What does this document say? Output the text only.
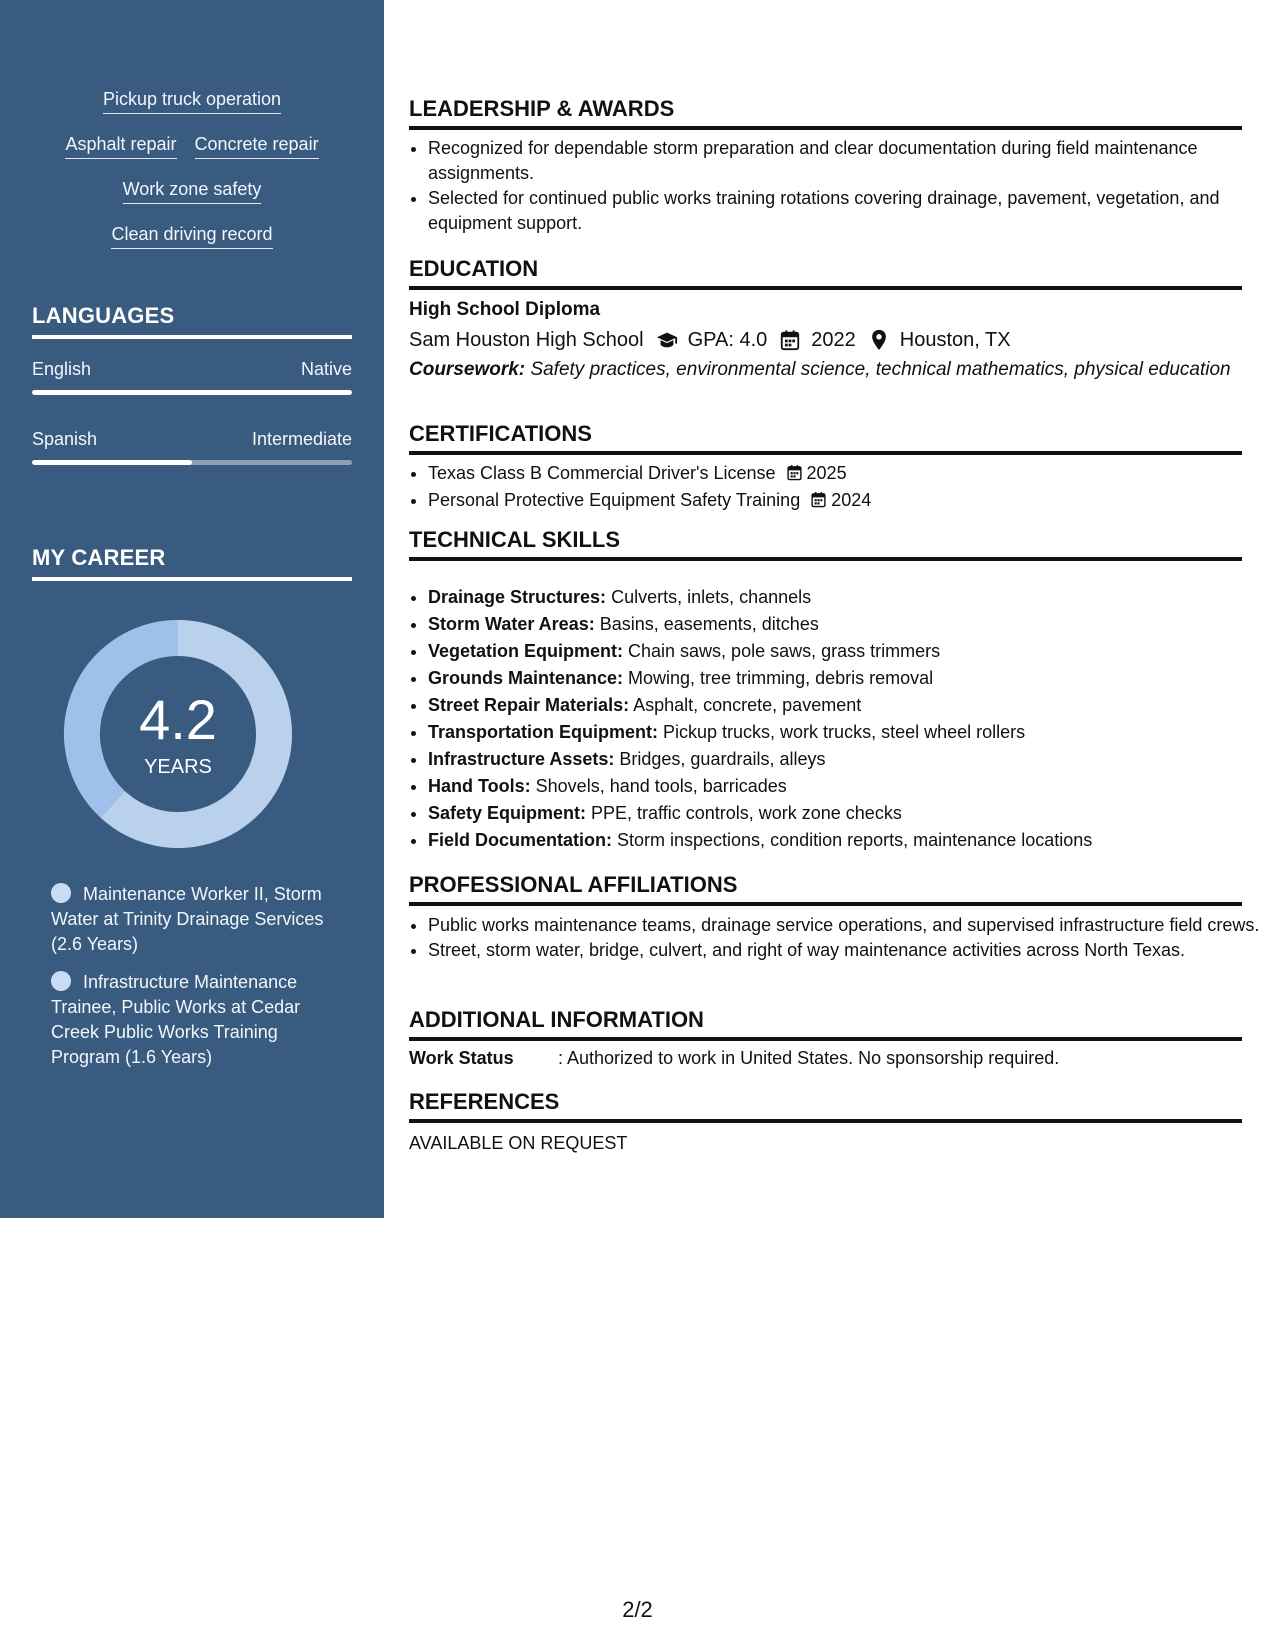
Pickup truck operation
Asphalt repair Concrete repair
Work zone safety
Clean driving record
LANGUAGES
English	Native
Spanish	Intermediate
MY CAREER
4.2
YEARS
Maintenance Worker II, Storm Water at Trinity Drainage Services (2.6 Years)
Infrastructure Maintenance Trainee, Public Works at Cedar Creek Public Works Training Program (1.6 Years)
LEADERSHIP & AWARDS
• Recognized for dependable storm preparation and clear documentation during field maintenance assignments.
• Selected for continued public works training rotations covering drainage, pavement, vegetation, and equipment support.
EDUCATION
High School Diploma
Sam Houston High School GPA: 4.0 2022 Houston, TX
Coursework: Safety practices, environmental science, technical mathematics, physical education
CERTIFICATIONS
• Texas Class B Commercial Driver's License 2025
• Personal Protective Equipment Safety Training 2024
TECHNICAL SKILLS
• Drainage Structures: Culverts, inlets, channels
• Storm Water Areas: Basins, easements, ditches
• Vegetation Equipment: Chain saws, pole saws, grass trimmers
• Grounds Maintenance: Mowing, tree trimming, debris removal
• Street Repair Materials: Asphalt, concrete, pavement
• Transportation Equipment: Pickup trucks, work trucks, steel wheel rollers
• Infrastructure Assets: Bridges, guardrails, alleys
• Hand Tools: Shovels, hand tools, barricades
• Safety Equipment: PPE, traffic controls, work zone checks
• Field Documentation: Storm inspections, condition reports, maintenance locations
PROFESSIONAL AFFILIATIONS
• Public works maintenance teams, drainage service operations, and supervised infrastructure field crews.
• Street, storm water, bridge, culvert, and right of way maintenance activities across North Texas.
ADDITIONAL INFORMATION
Work Status : Authorized to work in United States. No sponsorship required.
REFERENCES
AVAILABLE ON REQUEST
2/2
